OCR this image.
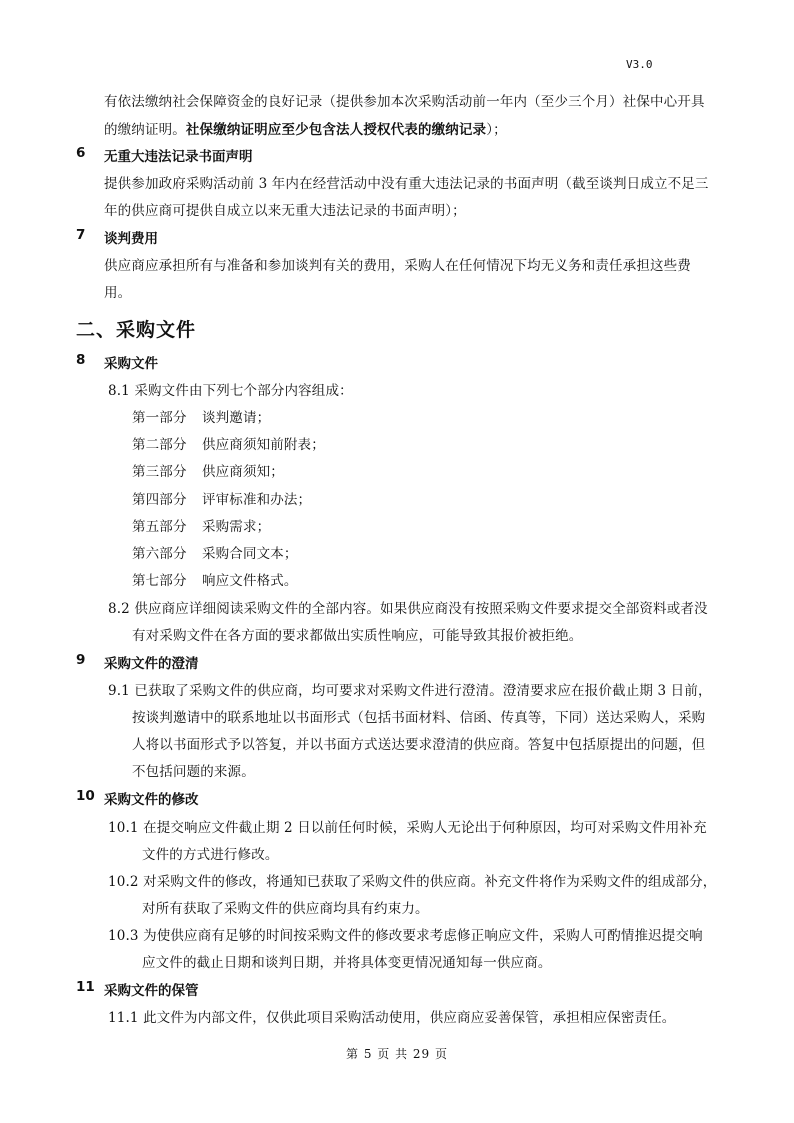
V3.0
有依法缴纳社会保障资金的良好记录（提供参加本次采购活动前一年内（至少三个月）社保中心开具
的缴纳证明。社保缴纳证明应至少包含法人授权代表的缴纳记录）；
6 无重大违法记录书面声明
提供参加政府采购活动前 3 年内在经营活动中没有重大违法记录的书面声明（截至谈判日成立不足三
年的供应商可提供自成立以来无重大违法记录的书面声明）；
7 谈判费用
供应商应承担所有与准备和参加谈判有关的费用，采购人在任何情况下均无义务和责任承担这些费
用。
二、采购文件
8 采购文件
8.1 采购文件由下列七个部分内容组成：
第一部分 谈判邀请；
第二部分 供应商须知前附表；
第三部分 供应商须知；
第四部分 评审标准和办法；
第五部分 采购需求；
第六部分 采购合同文本；
第七部分 响应文件格式。
8.2 供应商应详细阅读采购文件的全部内容。如果供应商没有按照采购文件要求提交全部资料或者没
有对采购文件在各方面的要求都做出实质性响应，可能导致其报价被拒绝。
9 采购文件的澄清
9.1 已获取了采购文件的供应商，均可要求对采购文件进行澄清。澄清要求应在报价截止期 3 日前，
按谈判邀请中的联系地址以书面形式（包括书面材料、信函、传真等，下同）送达采购人，采购
人将以书面形式予以答复，并以书面方式送达要求澄清的供应商。答复中包括原提出的问题，但
不包括问题的来源。
10 采购文件的修改
10.1 在提交响应文件截止期 2 日以前任何时候，采购人无论出于何种原因，均可对采购文件用补充
文件的方式进行修改。
10.2 对采购文件的修改，将通知已获取了采购文件的供应商。补充文件将作为采购文件的组成部分，
对所有获取了采购文件的供应商均具有约束力。
10.3 为使供应商有足够的时间按采购文件的修改要求考虑修正响应文件，采购人可酌情推迟提交响
应文件的截止日期和谈判日期，并将具体变更情况通知每一供应商。
11 采购文件的保管
11.1 此文件为内部文件，仅供此项目采购活动使用，供应商应妥善保管，承担相应保密责任。
第 5 页 共 29 页
